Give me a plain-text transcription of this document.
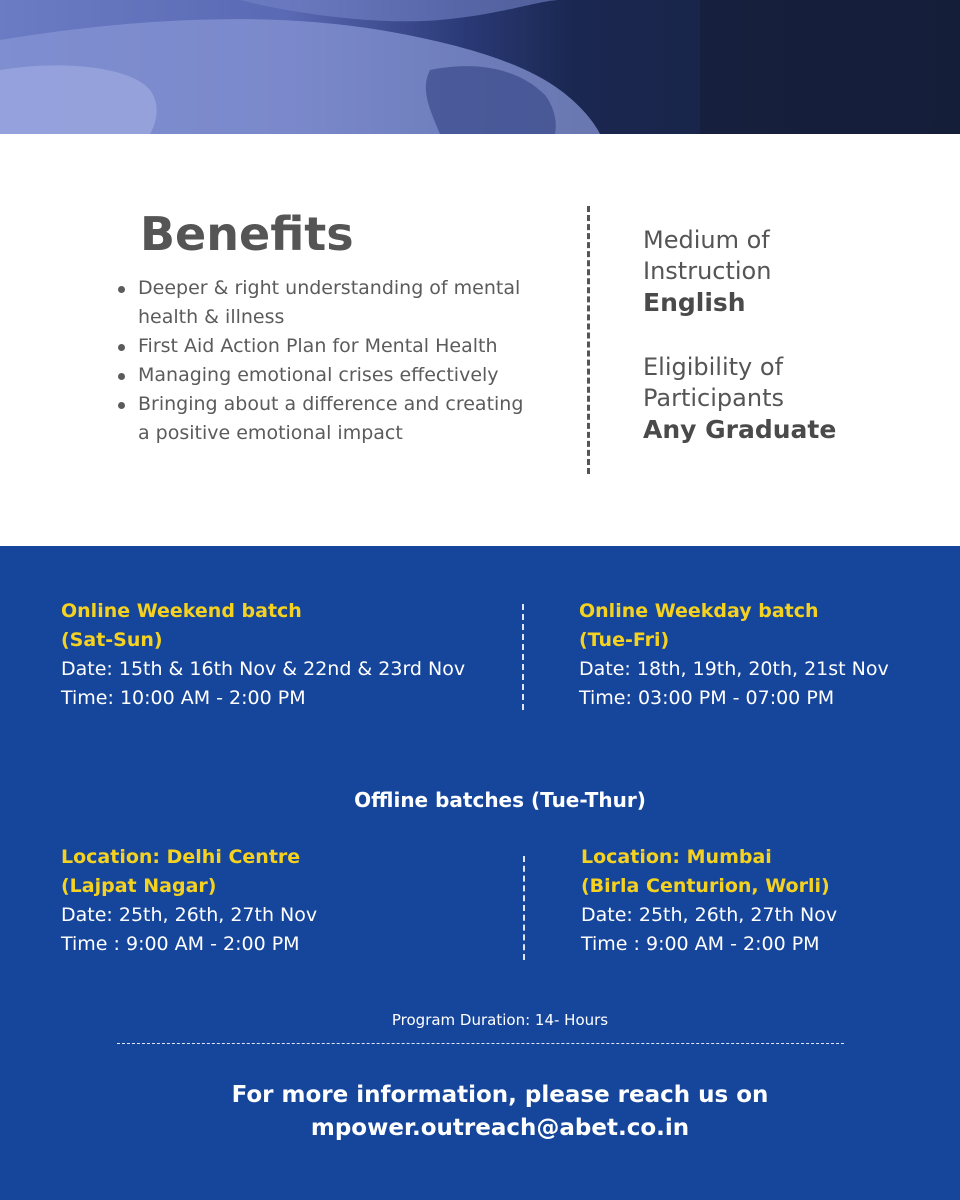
Benefits
Deeper & right understanding of mental health & illness
First Aid Action Plan for Mental Health
Managing emotional crises effectively
Bringing about a difference and creating a positive emotional impact
Medium of
Instruction
English
Eligibility of
Participants
Any Graduate
Online Weekend batch
(Sat-Sun)
Date: 15th & 16th Nov & 22nd & 23rd Nov
Time: 10:00 AM - 2:00 PM
Online Weekday batch
(Tue-Fri)
Date: 18th, 19th, 20th, 21st Nov
Time: 03:00 PM - 07:00 PM
Offline batches (Tue-Thur)
Location: Delhi Centre
(Lajpat Nagar)
Date: 25th, 26th, 27th Nov
Time : 9:00 AM - 2:00 PM
Location: Mumbai
(Birla Centurion, Worli)
Date: 25th, 26th, 27th Nov
Time : 9:00 AM - 2:00 PM
Program Duration: 14- Hours
For more information, please reach us on
mpower.outreach@abet.co.in
